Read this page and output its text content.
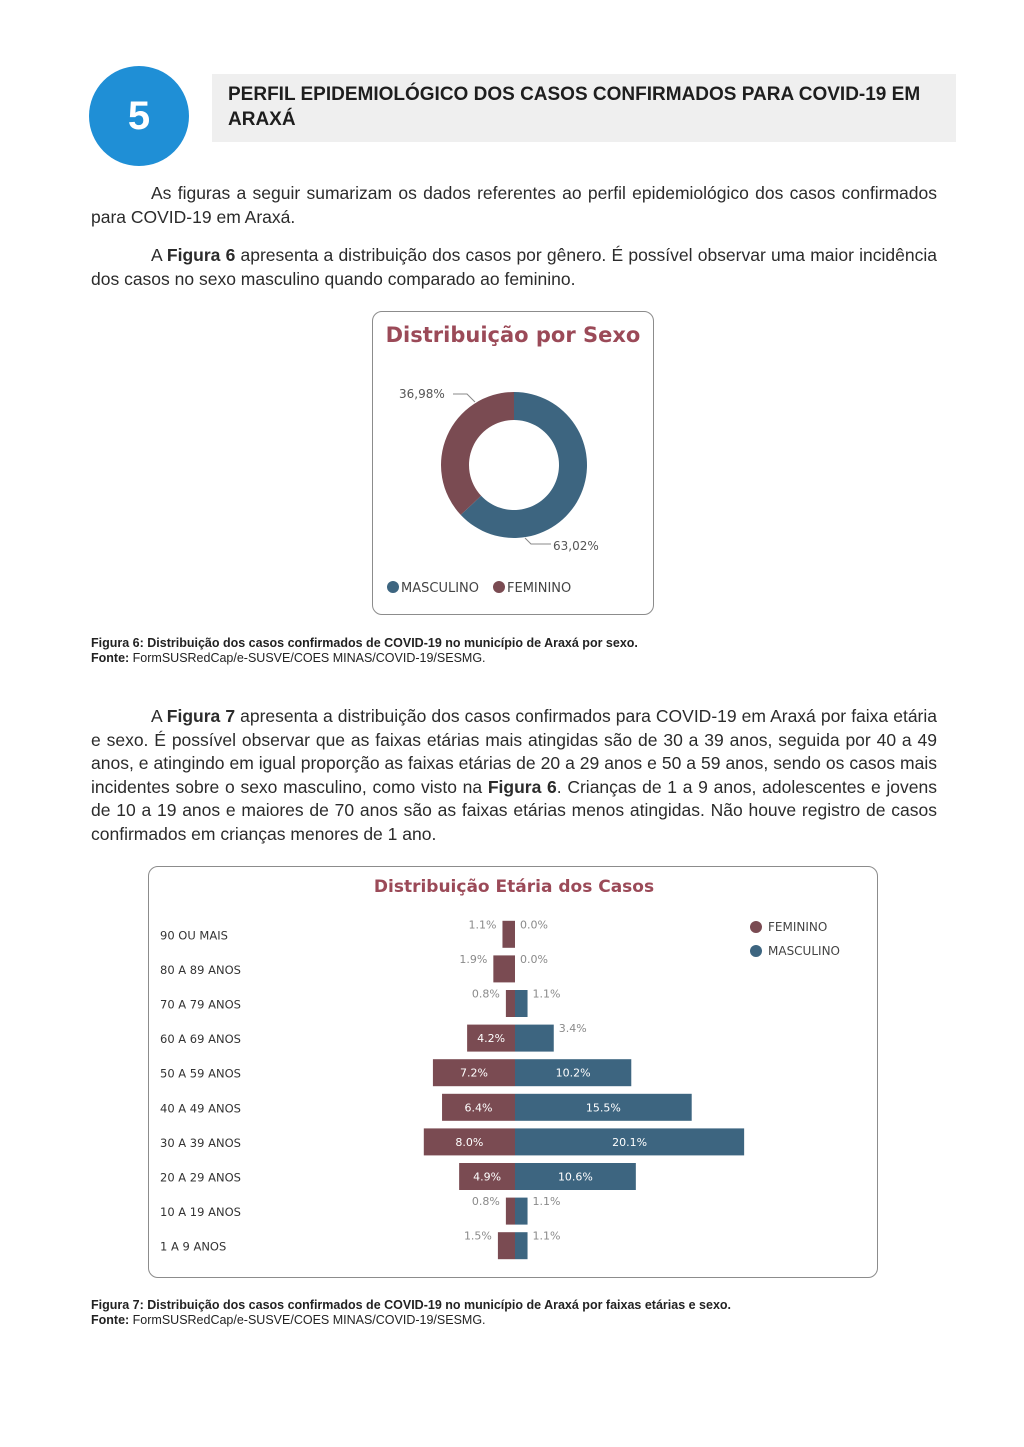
5	PERFIL EPIDEMIOLÓGICO DOS CASOS CONFIRMADOS PARA COVID-19 EM ARAXÁ
As figuras a seguir sumarizam os dados referentes ao perfil epidemiológico dos casos confirmados para COVID-19 em Araxá.
A Figura 6 apresenta a distribuição dos casos por gênero. É possível observar uma maior incidência dos casos no sexo masculino quando comparado ao feminino.
Distribuição por Sexo
63,02%
36,98%
MASCULINO FEMININO
Figura 6: Distribuição dos casos confirmados de COVID-19 no município de Araxá por sexo.
Fonte: FormSUSRedCap/e-SUSVE/COES MINAS/COVID-19/SESMG.
A Figura 7 apresenta a distribuição dos casos confirmados para COVID-19 em Araxá por faixa etária e sexo. É possível observar que as faixas etárias mais atingidas são de 30 a 39 anos, seguida por 40 a 49 anos, e atingindo em igual proporção as faixas etárias de 20 a 29 anos e 50 a 59 anos, sendo os casos mais incidentes sobre o sexo masculino, como visto na Figura 6. Crianças de 1 a 9 anos, adolescentes e jovens de 10 a 19 anos e maiores de 70 anos são as faixas etárias menos atingidas. Não houve registro de casos confirmados em crianças menores de 1 ano.
Distribuição Etária dos Casos
90 OU MAIS
80 A 89 ANOS
70 A 79 ANOS
60 A 69 ANOS
50 A 59 ANOS
40 A 49 ANOS
30 A 39 ANOS
20 A 29 ANOS
10 A 19 ANOS
1 A 9 ANOS
1.1% 0.0%
1.9%	0.0%
0.8%	1.1%
4.2%
3.4%
7.2%	10.2%
6.4%	15.5%
8.0%	20.1%
4.9%	10.6%
0.8%	1.1%
1.5%	1.1%
FEMININO
MASCULINO
Figura 7: Distribuição dos casos confirmados de COVID-19 no município de Araxá por faixas etárias e sexo.
Fonte: FormSUSRedCap/e-SUSVE/COES MINAS/COVID-19/SESMG.
